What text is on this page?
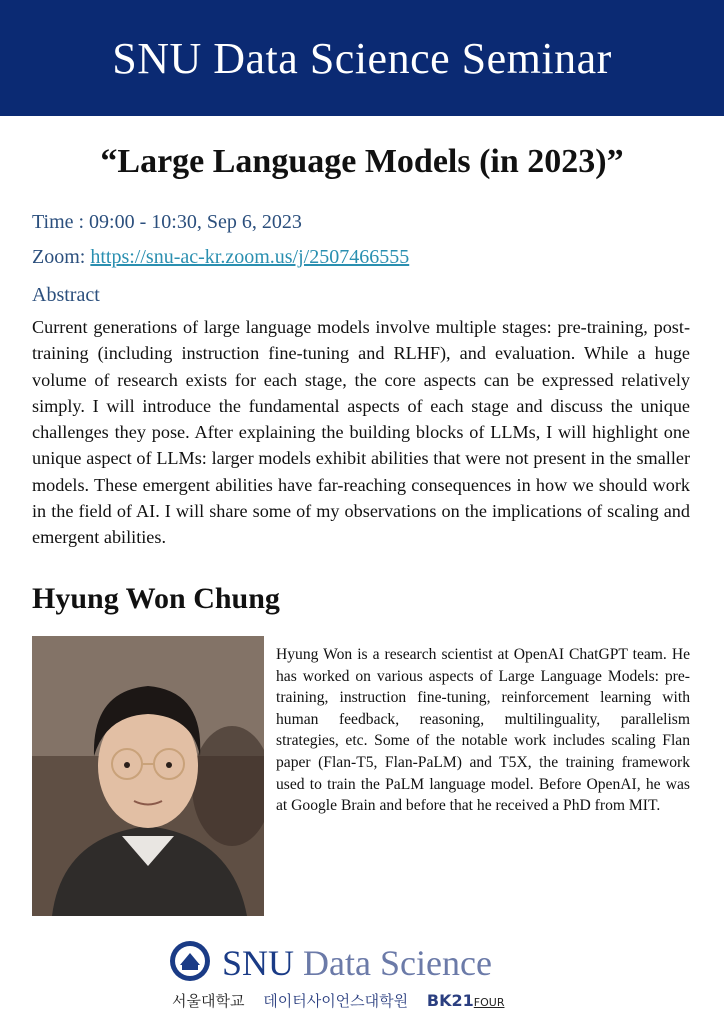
SNU Data Science Seminar
“Large Language Models (in 2023)”
Time : 09:00 - 10:30, Sep 6, 2023
Zoom: https://snu-ac-kr.zoom.us/j/2507466555
Abstract

Current generations of large language models involve multiple stages: pre-training, post-training (including instruction fine-tuning and RLHF), and evaluation. While a huge volume of research exists for each stage, the core aspects can be expressed relatively simply. I will introduce the fundamental aspects of each stage and discuss the unique challenges they pose. After explaining the building blocks of LLMs, I will highlight one unique aspect of LLMs: larger models exhibit abilities that were not present in the smaller models. These emergent abilities have far-reaching consequences in how we should work in the field of AI. I will share some of my observations on the implications of scaling and emergent abilities.

Hyung Won Chung

Hyung Won is a research scientist at OpenAI ChatGPT team. He has worked on various aspects of Large Language Models: pre-training, instruction fine-tuning, reinforcement learning with human feedback, reasoning, multilinguality, parallelism strategies, etc. Some of the notable work includes scaling Flan paper (Flan-T5, Flan-PaLM) and T5X, the training framework used to train the PaLM language model. Before OpenAI, he was at Google Brain and before that he received a PhD from MIT.

SNU Data Science
서울대학교 데이터사이언스대학원 BK21FOUR
